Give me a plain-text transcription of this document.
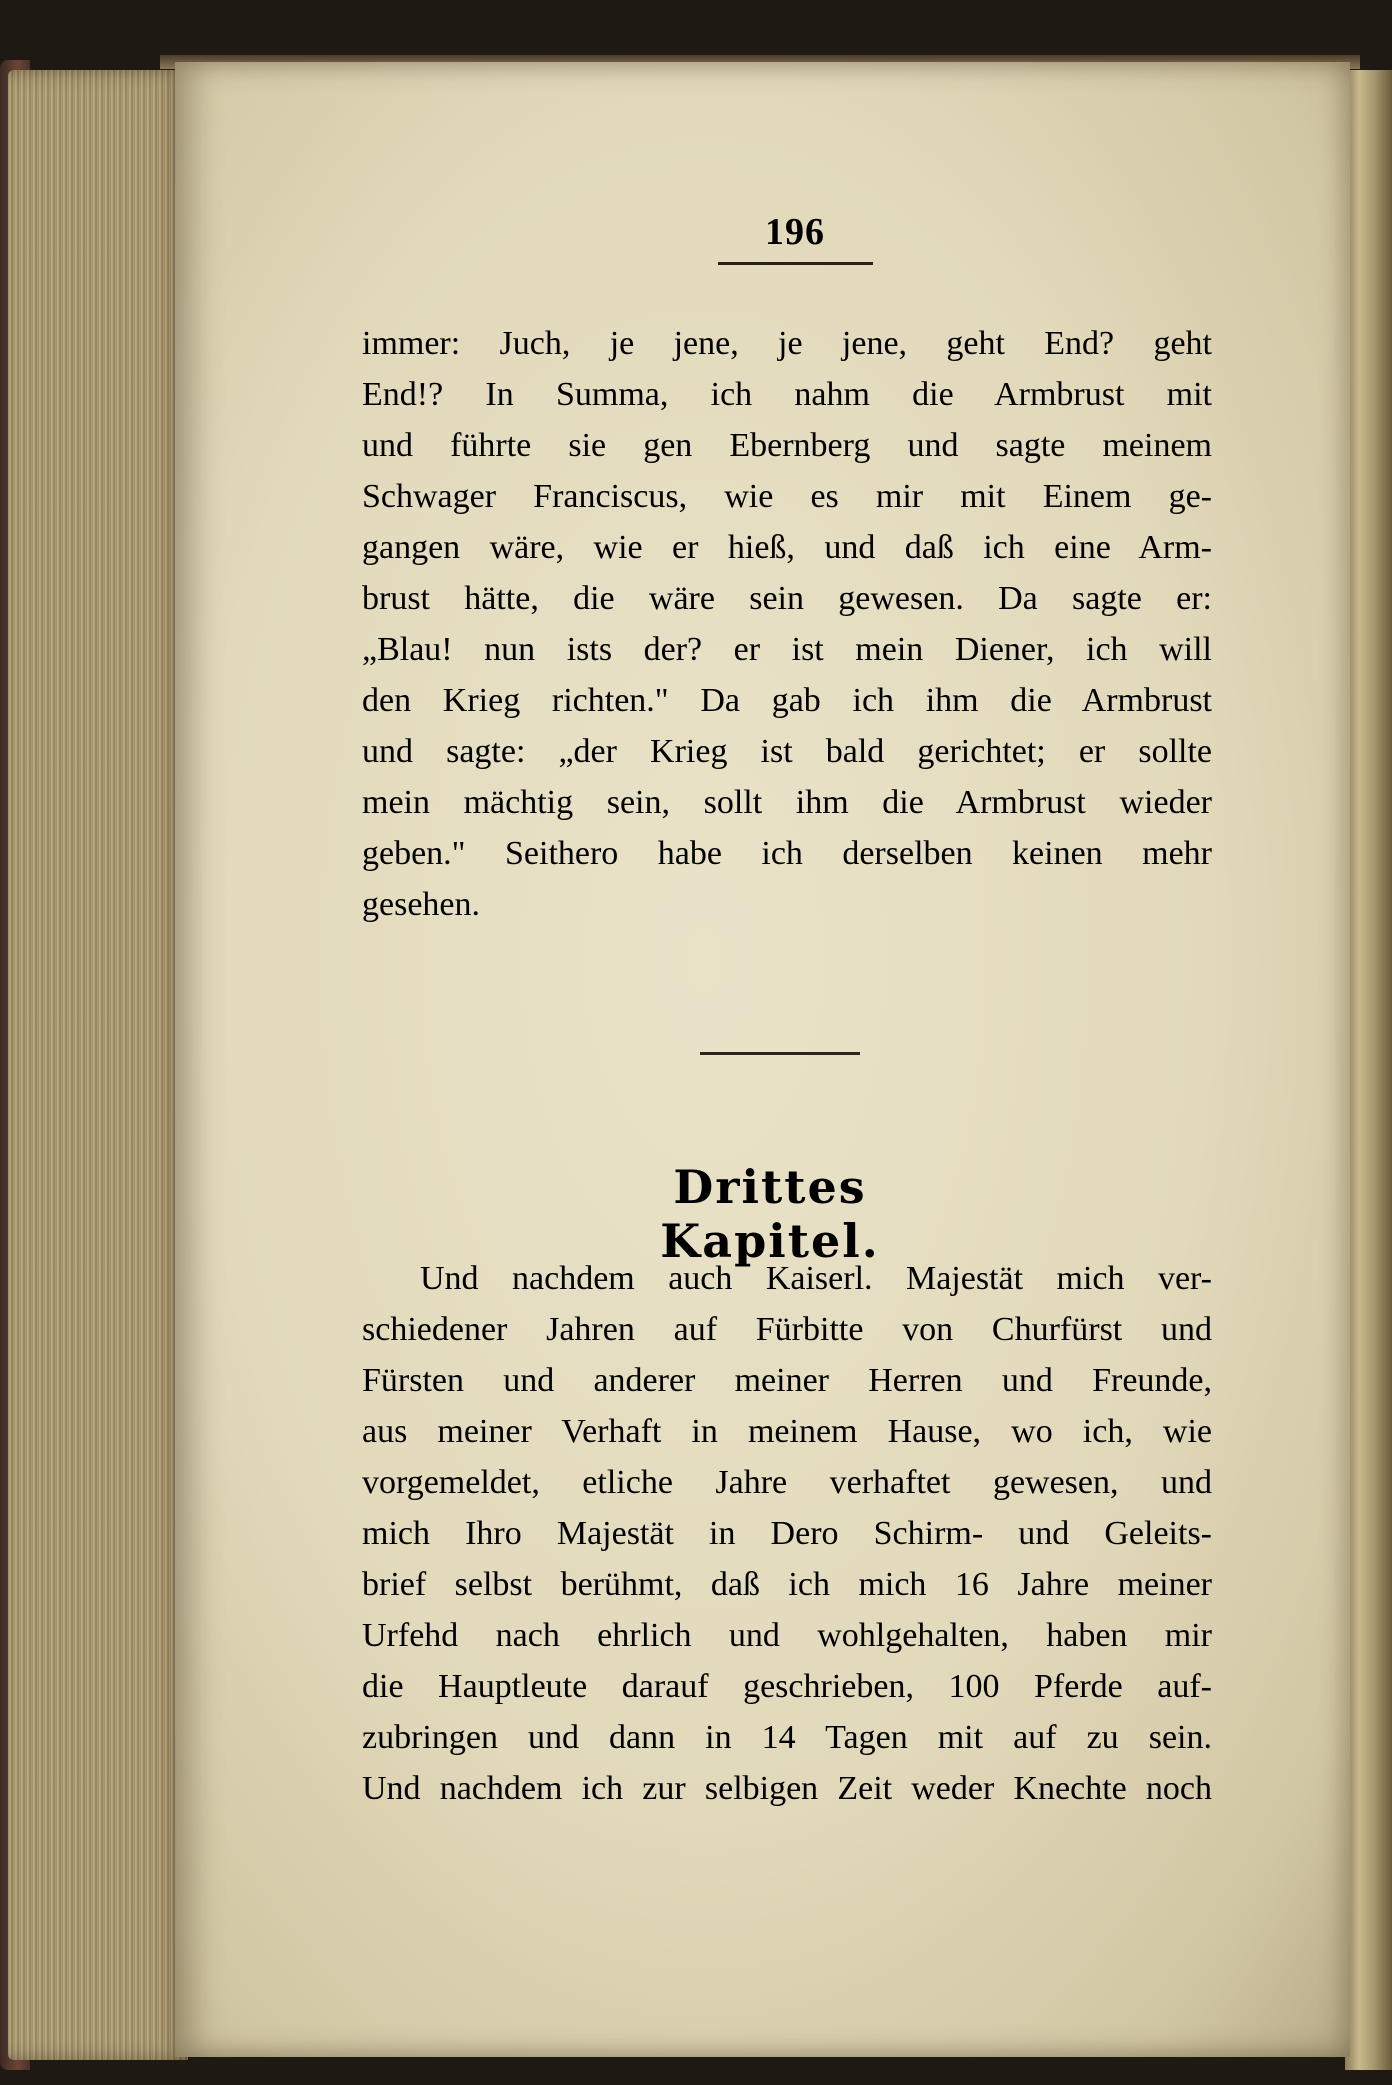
196
immer: Juch, je jene, je jene, geht End? geht
End!? In Summa, ich nahm die Armbrust mit
und führte sie gen Ebernberg und sagte meinem
Schwager Franciscus, wie es mir mit Einem ge-
gangen wäre, wie er hieß, und daß ich eine Arm-
brust hätte, die wäre sein gewesen. Da sagte er:
„Blau! nun ists der? er ist mein Diener, ich will
den Krieg richten." Da gab ich ihm die Armbrust
und sagte: „der Krieg ist bald gerichtet; er sollte
mein mächtig sein, sollt ihm die Armbrust wieder
geben." Seithero habe ich derselben keinen mehr
gesehen.
Drittes Kapitel.
Und nachdem auch Kaiserl. Majestät mich ver-
schiedener Jahren auf Fürbitte von Churfürst und
Fürsten und anderer meiner Herren und Freunde,
aus meiner Verhaft in meinem Hause, wo ich, wie
vorgemeldet, etliche Jahre verhaftet gewesen, und
mich Ihro Majestät in Dero Schirm- und Geleits-
brief selbst berühmt, daß ich mich 16 Jahre meiner
Urfehd nach ehrlich und wohlgehalten, haben mir
die Hauptleute darauf geschrieben, 100 Pferde auf-
zubringen und dann in 14 Tagen mit auf zu sein.
Und nachdem ich zur selbigen Zeit weder Knechte noch
